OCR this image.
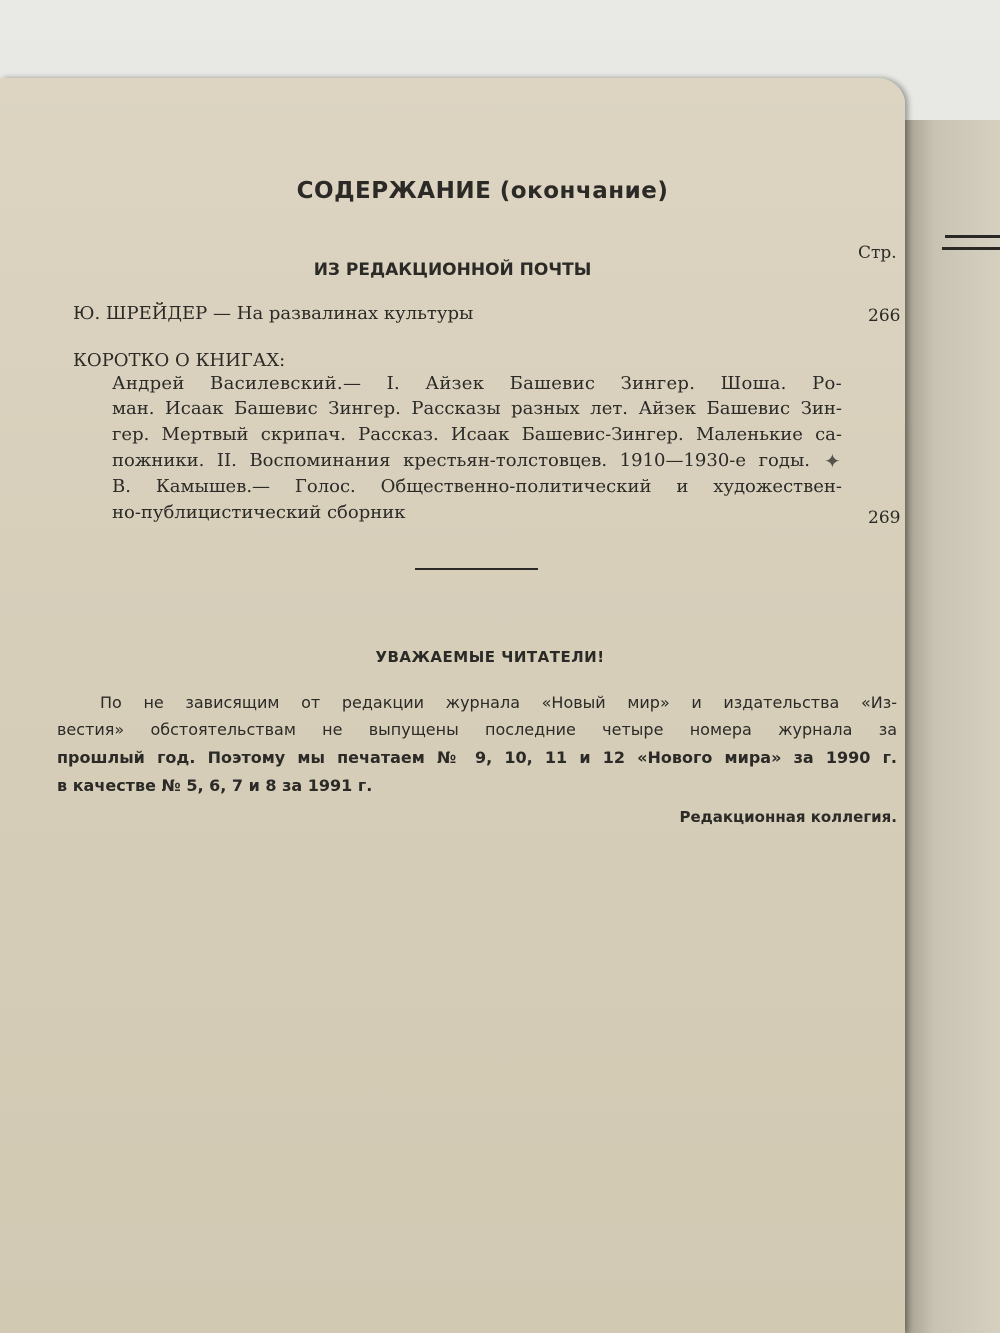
СОДЕРЖАНИЕ (окончание)
Стр.
ИЗ РЕДАКЦИОННОЙ ПОЧТЫ
Ю. ШРЕЙДЕР — На развалинах культуры	266
КОРОТКО О КНИГАХ:
Андрей Василевский.— I. Айзек Башевис Зингер. Шоша. Ро-
ман. Исаак Башевис Зингер. Рассказы разных лет. Айзек Башевис Зин-
гер. Мертвый скрипач. Рассказ. Исаак Башевис-Зингер. Маленькие са-
пожники. II. Воспоминания крестьян-толстовцев. 1910—1930-е годы. ✦
В. Камышев.— Голос. Общественно-политический и художествен-
но-публицистический сборник	269
УВАЖАЕМЫЕ ЧИТАТЕЛИ!
По не зависящим от редакции журнала «Новый мир» и издательства «Из-
вестия» обстоятельствам не выпущены последние четыре номера журнала за
прошлый год. Поэтому мы печатаем № 9, 10, 11 и 12 «Нового мира» за 1990 г.
в качестве № 5, 6, 7 и 8 за 1991 г.
Редакционная коллегия.
